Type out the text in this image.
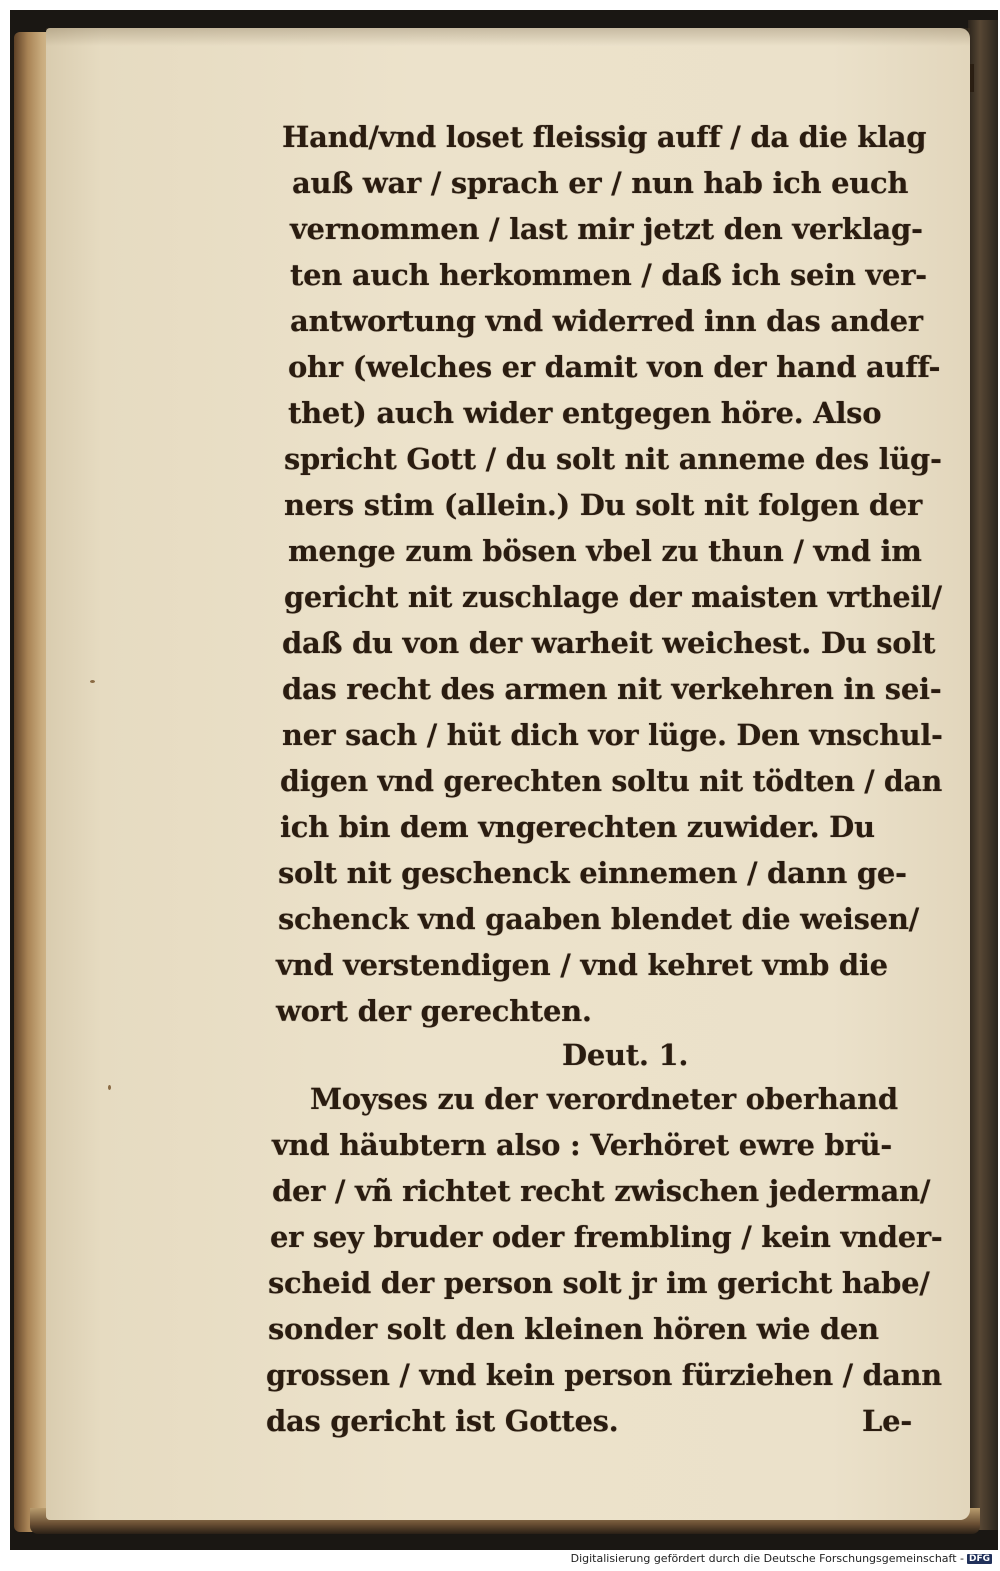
Hand/vnd loset fleissig auff / da die klag
auß war / sprach er / nun hab ich euch
vernommen / last mir jetzt den verklag-
ten auch herkommen / daß ich sein ver-
antwortung vnd widerred inn das ander
ohr (welches er damit von der hand auff-
thet) auch wider entgegen höre. Also
spricht Gott / du solt nit anneme des lüg-
ners stim (allein.) Du solt nit folgen der
menge zum bösen vbel zu thun / vnd im
gericht nit zuschlage der maisten vrtheil/
daß du von der warheit weichest. Du solt
das recht des armen nit verkehren in sei-
ner sach / hüt dich vor lüge. Den vnschul-
digen vnd gerechten soltu nit tödten / dan
ich bin dem vngerechten zuwider. Du
solt nit geschenck einnemen / dann ge-
schenck vnd gaaben blendet die weisen/
vnd verstendigen / vnd kehret vmb die
wort der gerechten.
Deut. 1.
Moyses zu der verordneter oberhand
vnd häubtern also : Verhöret ewre brü-
der / vñ richtet recht zwischen jederman/
er sey bruder oder frembling / kein vnder-
scheid der person solt jr im gericht habe/
sonder solt den kleinen hören wie den
grossen / vnd kein person fürziehen / dann
das gericht ist Gottes.	Le-
Digitalisierung gefördert durch die Deutsche Forschungsgemeinschaft - DFG
